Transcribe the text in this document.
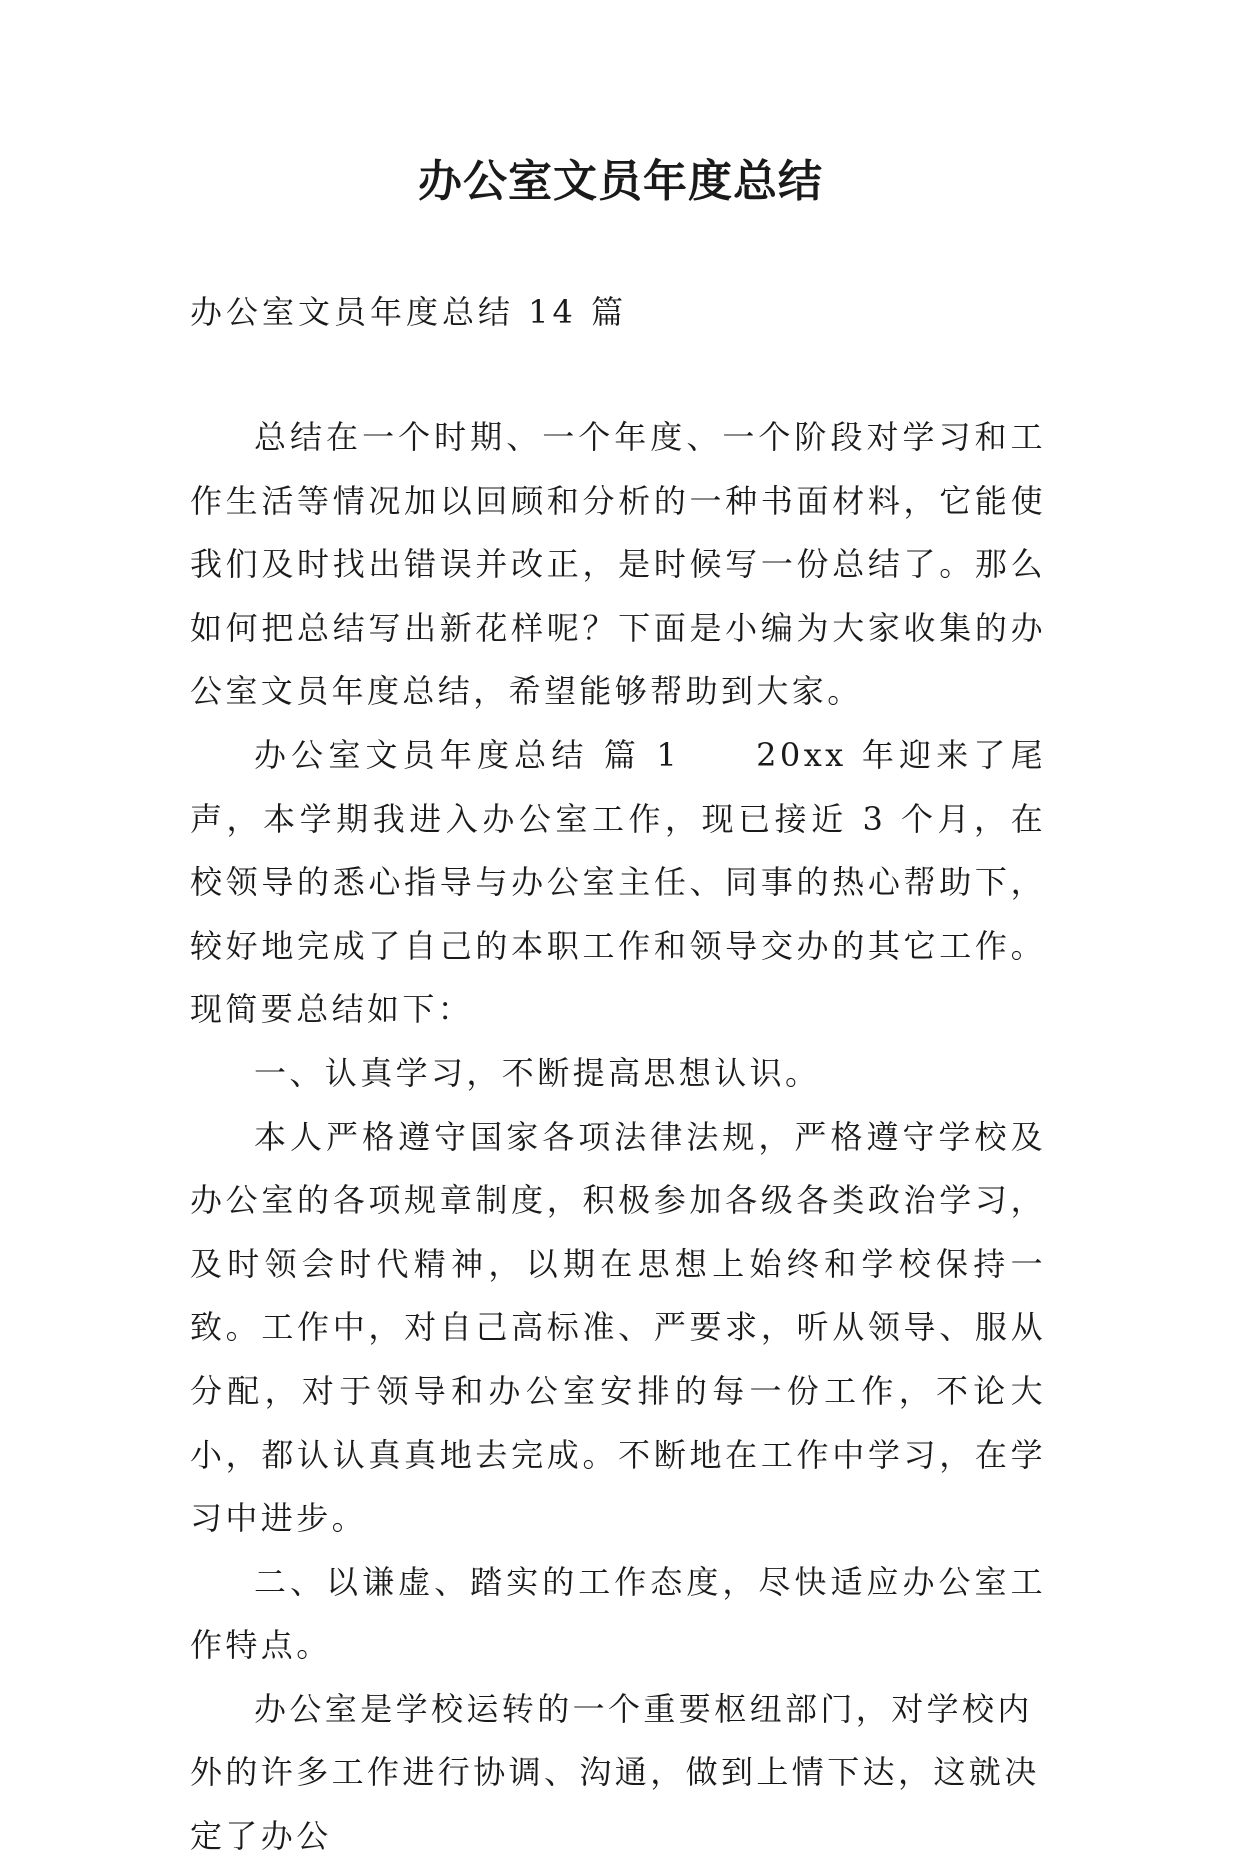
办公室文员年度总结
办公室文员年度总结 14 篇

总结在一个时期、一个年度、一个阶段对学习和工作生活等情况加以回顾和分析的一种书面材料，它能使我们及时找出错误并改正，是时候写一份总结了。那么如何把总结写出新花样呢？下面是小编为大家收集的办公室文员年度总结，希望能够帮助到大家。

办公室文员年度总结 篇 1　　20xx 年迎来了尾声，本学期我进入办公室工作，现已接近 3 个月，在校领导的悉心指导与办公室主任、同事的热心帮助下，较好地完成了自己的本职工作和领导交办的其它工作。现简要总结如下：

一、认真学习，不断提高思想认识。

本人严格遵守国家各项法律法规，严格遵守学校及办公室的各项规章制度，积极参加各级各类政治学习，及时领会时代精神，以期在思想上始终和学校保持一致。工作中，对自己高标准、严要求，听从领导、服从分配，对于领导和办公室安排的每一份工作，不论大小，都认认真真地去完成。不断地在工作中学习，在学习中进步。

二、以谦虚、踏实的工作态度，尽快适应办公室工作特点。

办公室是学校运转的一个重要枢纽部门，对学校内外的许多工作进行协调、沟通，做到上情下达，这就决定了办公
